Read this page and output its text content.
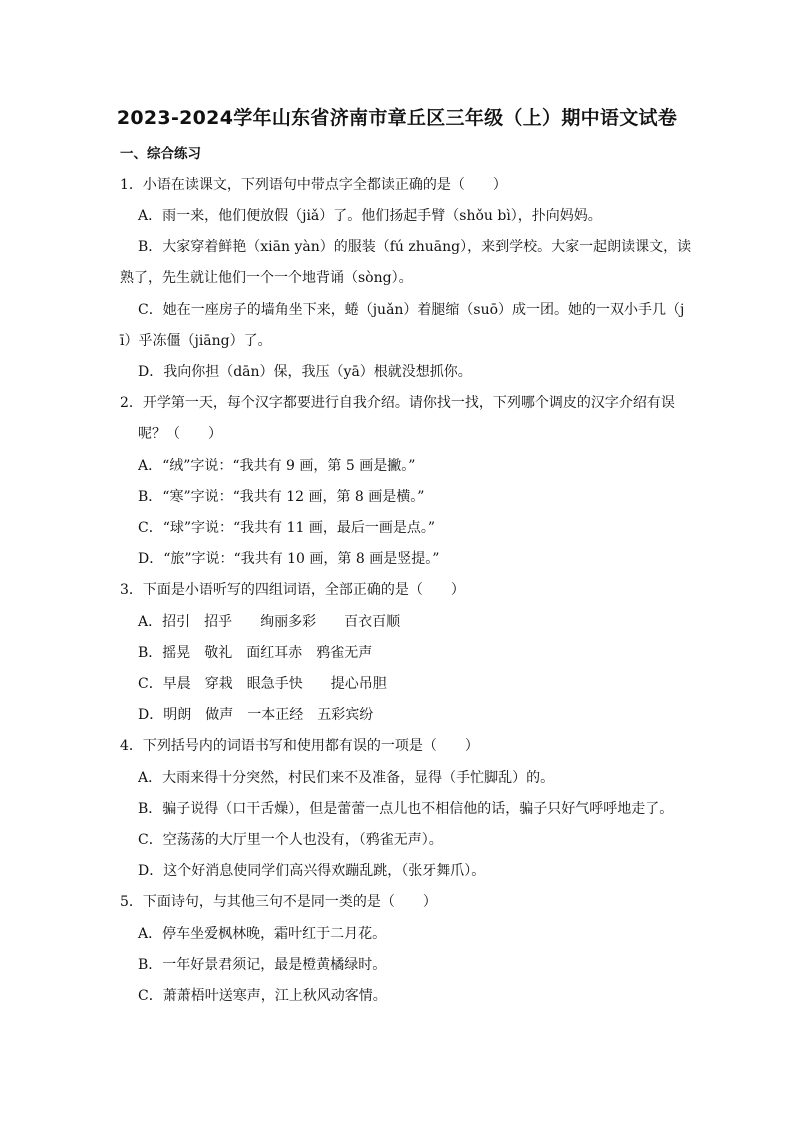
2023-2024学年山东省济南市章丘区三年级（上）期中语文试卷
一、综合练习
1．小语在读课文，下列语句中带点字全都读正确的是（　　）
A．雨一来，他们便放假（jiǎ）了。他们扬起手臂（shǒu bì），扑向妈妈。
B．大家穿着鲜艳（xiān yàn）的服装（fú zhuāng），来到学校。大家一起朗读课文，读
熟了，先生就让他们一个一个地背诵（sòng）。
C．她在一座房子的墙角坐下来，蜷（juǎn）着腿缩（suō）成一团。她的一双小手几（j
ī）乎冻僵（jiāng）了。
D．我向你担（dān）保，我压（yā）根就没想抓你。
2．开学第一天，每个汉字都要进行自我介绍。请你找一找，下列哪个调皮的汉字介绍有误
呢？（　　）
A．“绒”字说：“我共有 9 画，第 5 画是撇。”
B．“寒”字说：“我共有 12 画，第 8 画是横。”
C．“球”字说：“我共有 11 画，最后一画是点。”
D．“旅”字说：“我共有 10 画，第 8 画是竖提。”
3．下面是小语听写的四组词语，全部正确的是（　　）
A．招引　招乎　　绚丽多彩　　百衣百顺
B．摇晃　敬礼　面红耳赤　鸦雀无声
C．早晨　穿栽　眼急手快　　提心吊胆
D．明朗　做声　一本正经　五彩宾纷
4．下列括号内的词语书写和使用都有误的一项是（　　）
A．大雨来得十分突然，村民们来不及准备，显得（手忙脚乱）的。
B．骗子说得（口干舌燥），但是蕾蕾一点儿也不相信他的话，骗子只好气呼呼地走了。
C．空荡荡的大厅里一个人也没有，（鸦雀无声）。
D．这个好消息使同学们高兴得欢蹦乱跳，（张牙舞爪）。
5．下面诗句，与其他三句不是同一类的是（　　）
A．停车坐爱枫林晚，霜叶红于二月花。
B．一年好景君须记，最是橙黄橘绿时。
C．萧萧梧叶送寒声，江上秋风动客情。
